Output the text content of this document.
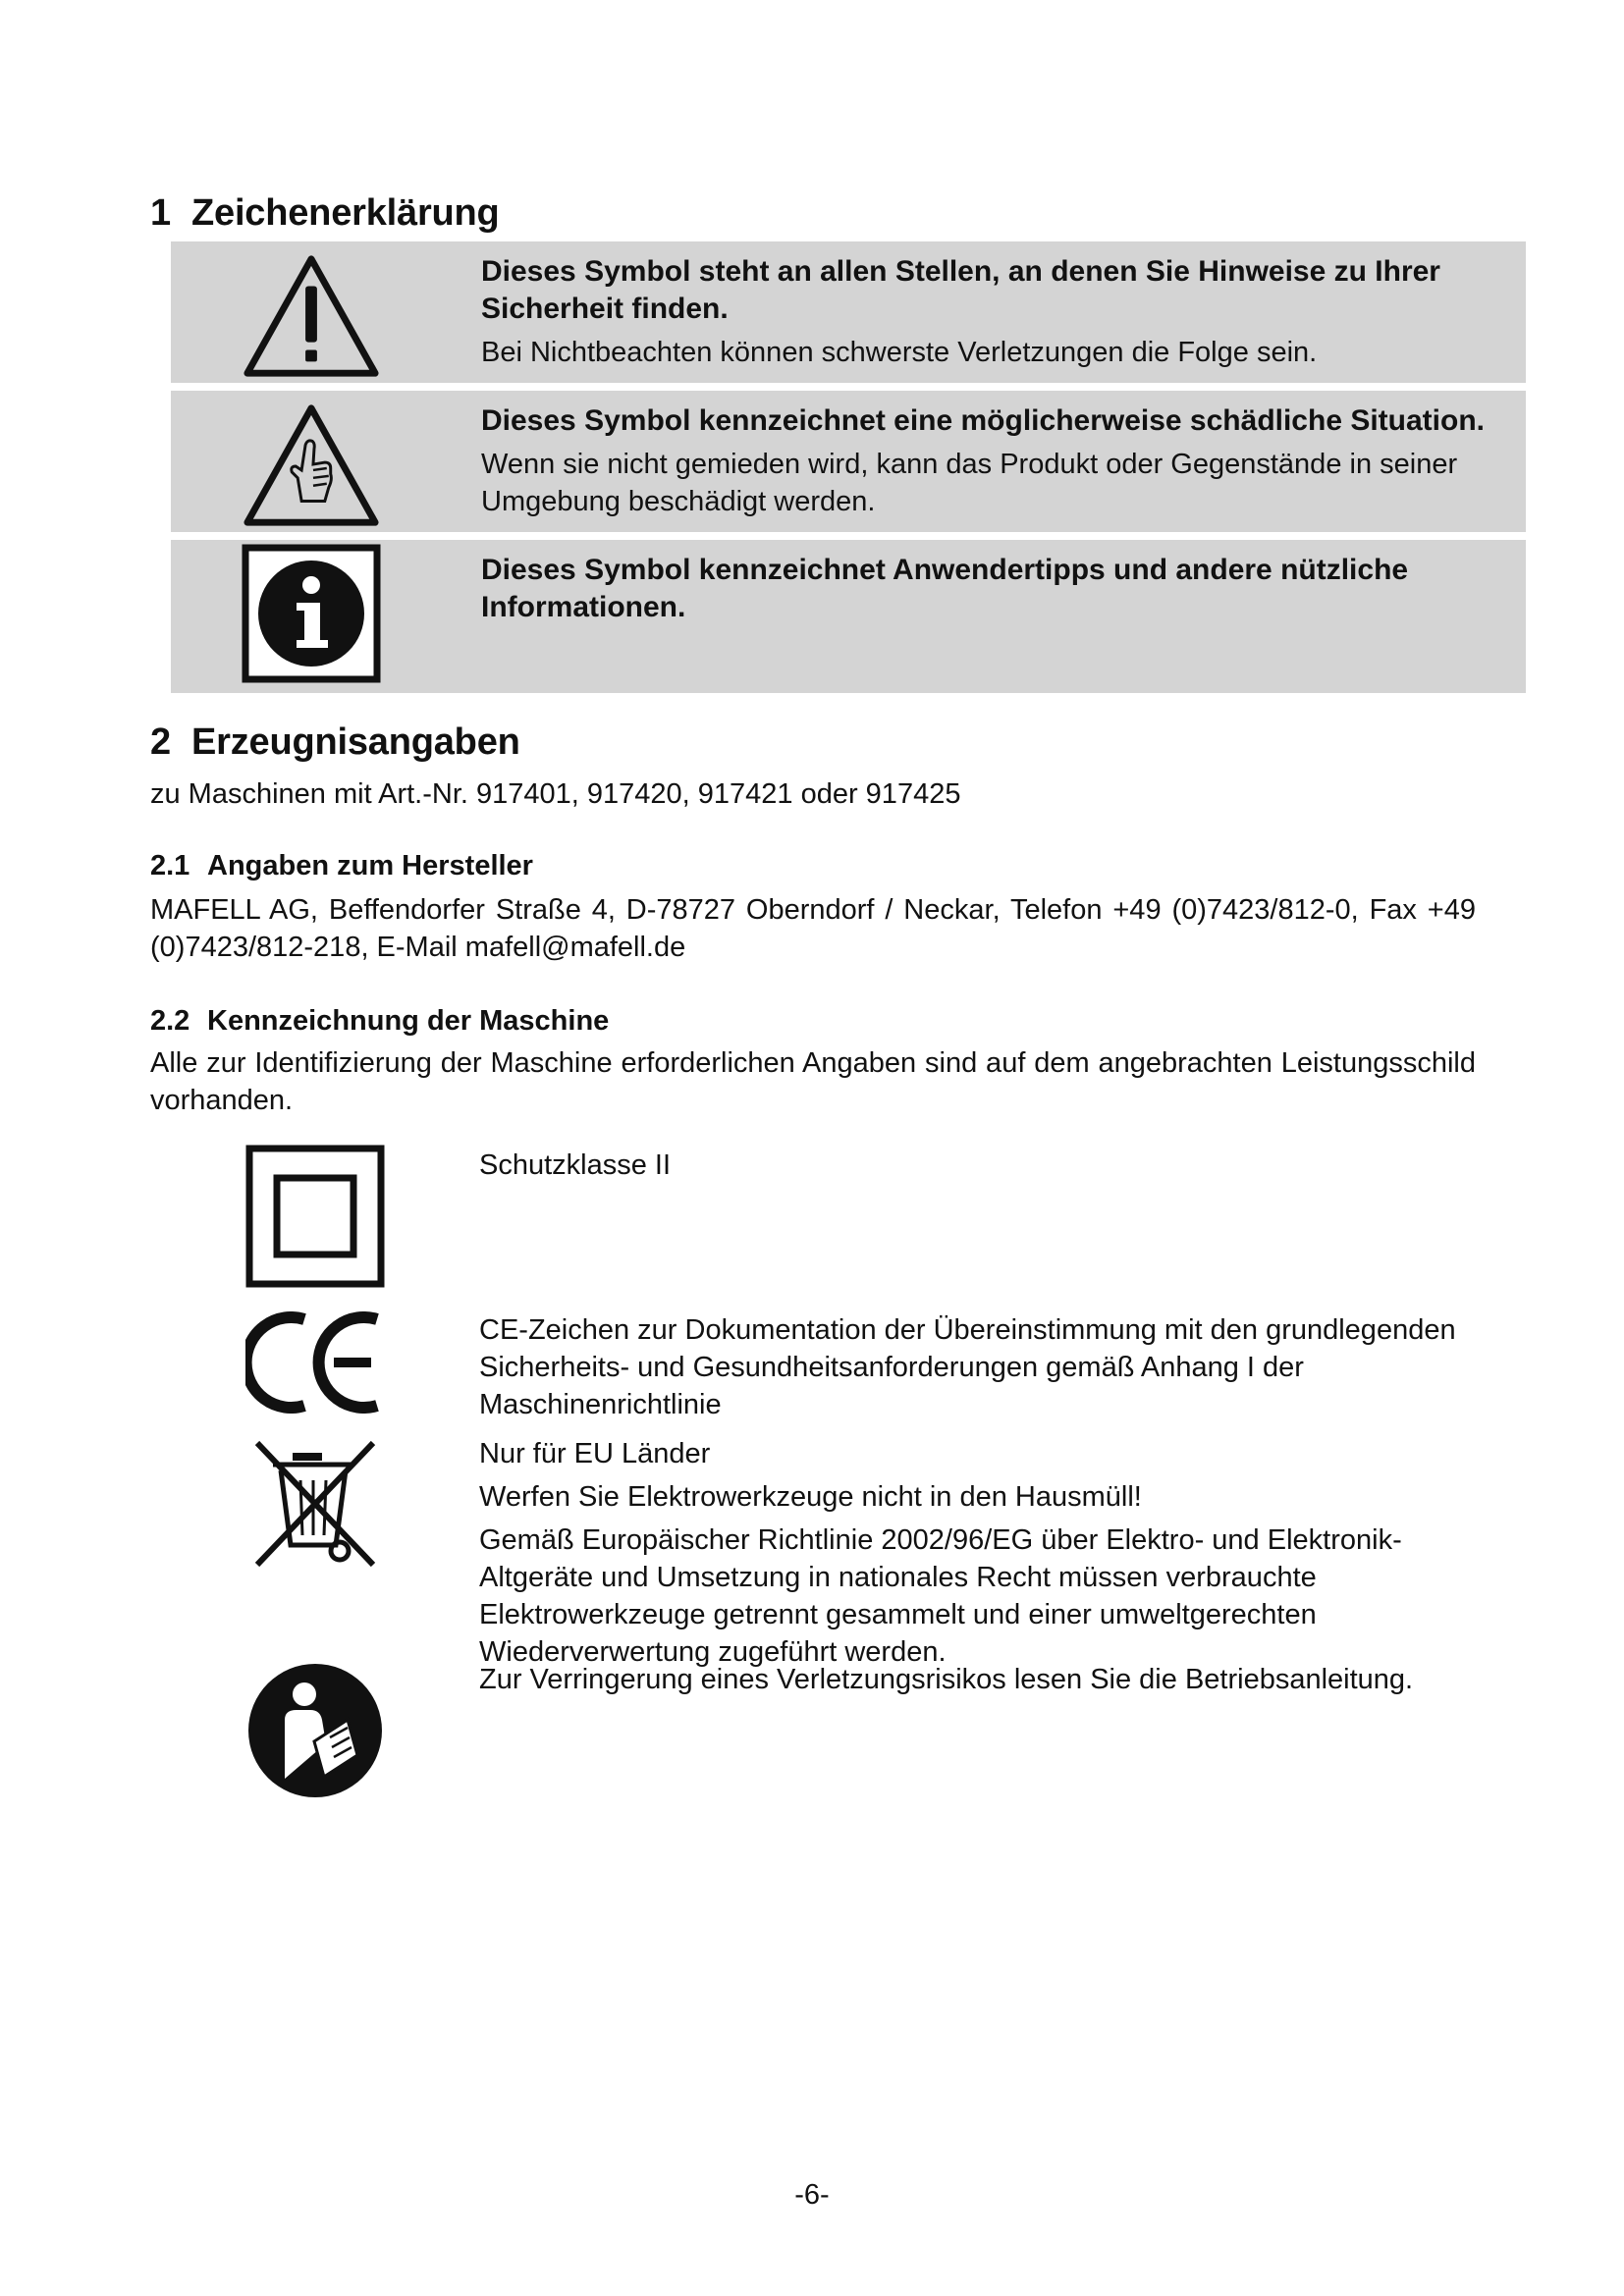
1 Zeichenerklärung
Dieses Symbol steht an allen Stellen, an denen Sie Hinweise zu Ihrer Sicherheit finden.
Bei Nichtbeachten können schwerste Verletzungen die Folge sein.
Dieses Symbol kennzeichnet eine möglicherweise schädliche Situation.
Wenn sie nicht gemieden wird, kann das Produkt oder Gegenstände in seiner Umgebung beschädigt werden.
Dieses Symbol kennzeichnet Anwendertipps und andere nützliche Informationen.
2 Erzeugnisangaben

zu Maschinen mit Art.-Nr. 917401, 917420, 917421 oder 917425

2.1 Angaben zum Hersteller

MAFELL AG, Beffendorfer Straße 4, D-78727 Oberndorf / Neckar, Telefon +49 (0)7423/812-0, Fax +49 (0)7423/812-218, E-Mail mafell@mafell.de

2.2 Kennzeichnung der Maschine

Alle zur Identifizierung der Maschine erforderlichen Angaben sind auf dem angebrachten Leistungsschild vorhanden.

Schutzklasse II
CE-Zeichen zur Dokumentation der Übereinstimmung mit den grundlegenden Sicherheits- und Gesundheitsanforderungen gemäß Anhang I der Maschinenrichtlinie
Nur für EU Länder
Werfen Sie Elektrowerkzeuge nicht in den Hausmüll!
Gemäß Europäischer Richtlinie 2002/96/EG über Elektro- und Elektronik- Altgeräte und Umsetzung in nationales Recht müssen verbrauchte Elektrowerkzeuge getrennt gesammelt und einer umweltgerechten Wiederverwertung zugeführt werden.
Zur Verringerung eines Verletzungsrisikos lesen Sie die Betriebsanleitung.
-6-
